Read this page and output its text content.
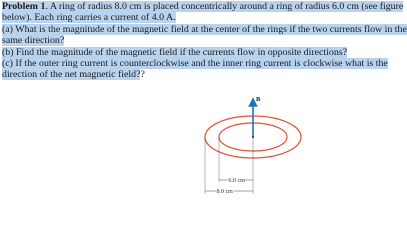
Problem 1. A ring of radius 8.0 cm is placed concentrically around a ring of radius 6.0 cm (see figure
below). Each ring carries a current of 4.0 A.
(a) What is the magnitude of the magnetic field at the center of the rings if the two currents flow in the
same direction?
(b) Find the magnitude of the magnetic field if the currents flow in opposite directions?
(c) If the outer ring current is counterclockwise and the inner ring current is clockwise what is the
direction of the net magnetic field??
B
6.0 cm
8.0 cm
